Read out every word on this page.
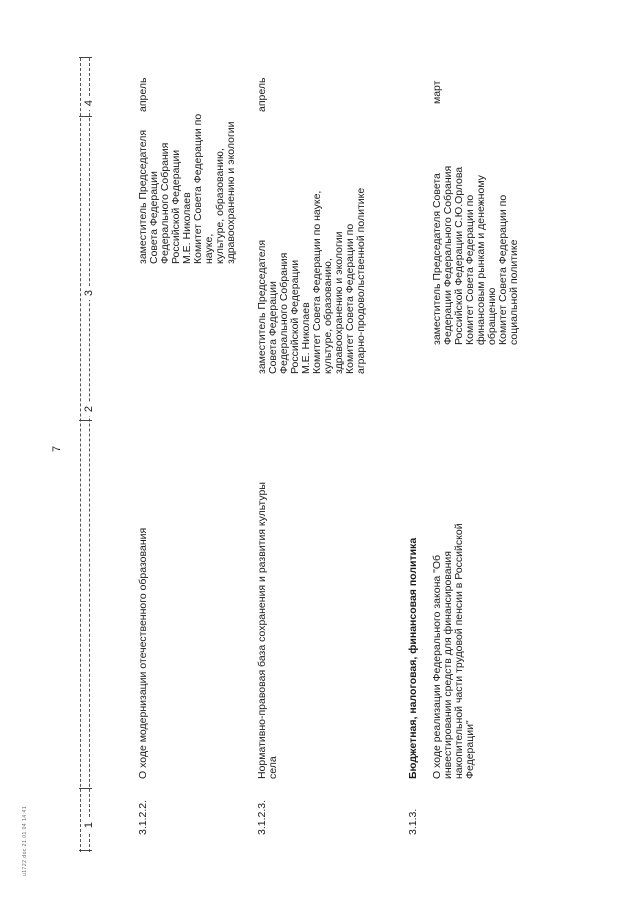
7
4
3
2
1	3.1.2.2.
О ходе модернизации отечественного образования
заместитель Председателя
Совета Федерации
Федерального Собрания
Российской Федерации
М.Е. Николаев
Комитет Совета Федерации по науке,
культуре, образованию,
здравоохранению и экологии
апрель
3.1.2.3.
Нормативно-правовая база сохранения и развития культуры
села
заместитель Председателя
Совета Федерации
Федерального Собрания
Российской Федерации
М.Е. Николаев
Комитет Совета Федерации по науке,
культуре, образованию,
здравоохранению и экологии
Комитет Совета Федерации по
аграрно-продовольственной политике
апрель
3.1.3.
Бюджетная, налоговая, финансовая политика О ходе реализации Федерального закона "Об
инвестировании средств для финансирования
накопительной части трудовой пенсии в Российской
Федерации"
заместитель Председателя Совета
Федерации Федерального Собрания
Российской Федерации С.Ю.Орлова
Комитет Совета Федерации по
финансовым рынкам и денежному
обращению
Комитет Совета Федерации по
социальной политике
март
u1722.doc 21.01.04 14:41
